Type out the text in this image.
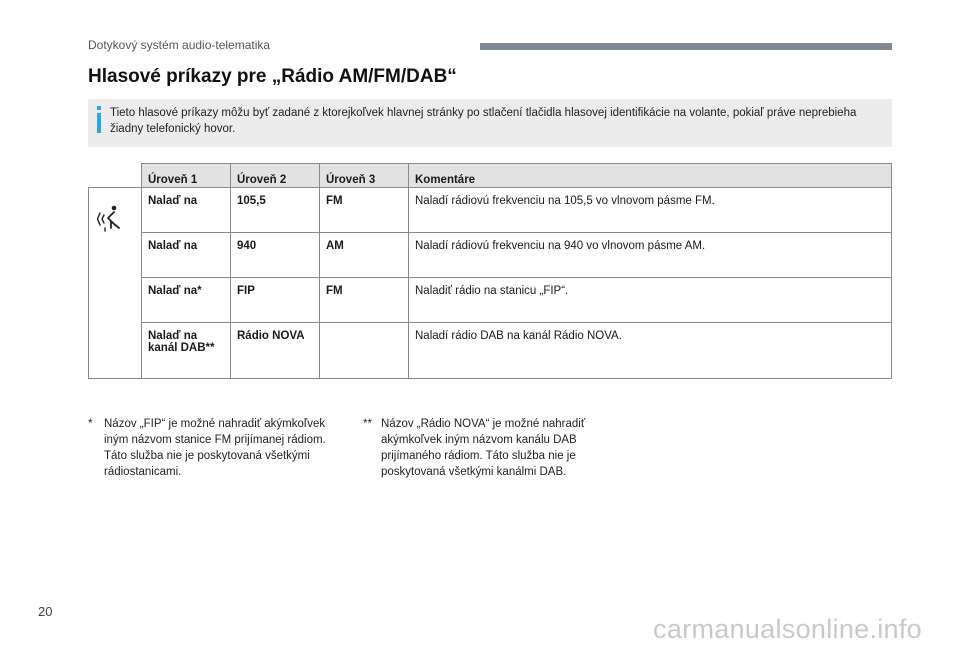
Dotykový systém audio-telematika
Hlasové príkazy pre „Rádio AM/FM/DAB“
Tieto hlasové príkazy môžu byť zadané z ktorejkoľvek hlavnej stránky po stlačení tlačidla hlasovej identifikácie na volante, pokiaľ práve neprebieha žiadny telefonický hovor.
	Úroveň 1	Úroveň 2	Úroveň 3	Komentáre
	Nalaď na	105,5	FM	Naladí rádiovú frekvenciu na 105,5 vo vlnovom pásme FM.
	Nalaď na	940	AM	Naladí rádiovú frekvenciu na 940 vo vlnovom pásme AM.
	Nalaď na*	FIP	FM	Naladiť rádio na stanicu „FIP“.
	Nalaď na kanál DAB**	Rádio NOVA		Naladí rádio DAB na kanál Rádio NOVA.
* Názov „FIP“ je možné nahradiť akýmkoľvek iným názvom stanice FM prijímanej rádiom. Táto služba nie je poskytovaná všetkými rádiostanicami.
** Názov „Rádio NOVA“ je možné nahradiť akýmkoľvek iným názvom kanálu DAB prijímaného rádiom. Táto služba nie je poskytovaná všetkými kanálmi DAB.
20
carmanualsonline.info
